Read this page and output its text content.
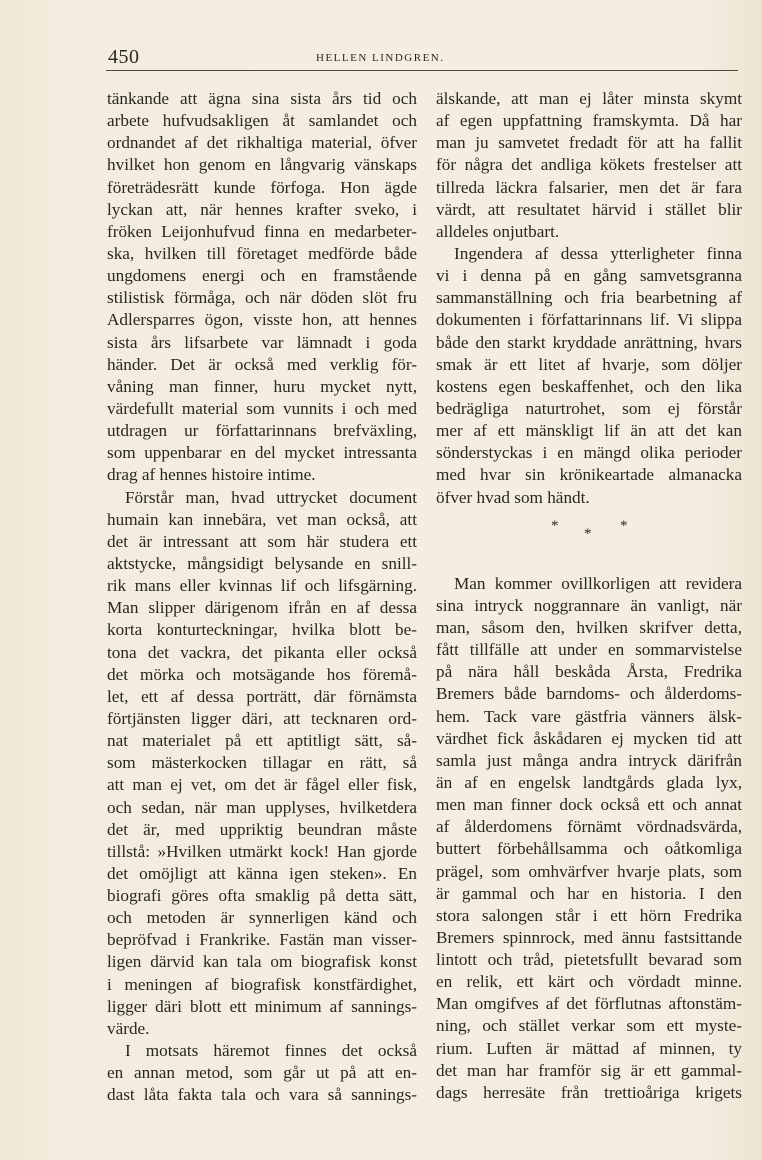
450	HELLEN LINDGREN.
tänkande att ägna sina sista års tid och
arbete hufvudsakligen åt samlandet och
ordnandet af det rikhaltiga material, öfver
hvilket hon genom en långvarig vänskaps
företrädesrätt kunde förfoga. Hon ägde
lyckan att, när hennes krafter sveko, i
fröken Leijonhufvud finna en medarbeter-
ska, hvilken till företaget medförde både
ungdomens energi och en framstående
stilistisk förmåga, och när döden slöt fru
Adlersparres ögon, visste hon, att hennes
sista års lifsarbete var lämnadt i goda
händer. Det är också med verklig för-
våning man finner, huru mycket nytt,
värdefullt material som vunnits i och med
utdragen ur författarinnans brefväxling,
som uppenbarar en del mycket intressanta
drag af hennes histoire intime.
Förstår man, hvad uttrycket document
humain kan innebära, vet man också, att
det är intressant att som här studera ett
aktstycke, mångsidigt belysande en snill-
rik mans eller kvinnas lif och lifsgärning.
Man slipper därigenom ifrån en af dessa
korta konturteckningar, hvilka blott be-
tona det vackra, det pikanta eller också
det mörka och motsägande hos föremå-
let, ett af dessa porträtt, där förnämsta
förtjänsten ligger däri, att tecknaren ord-
nat materialet på ett aptitligt sätt, så-
som mästerkocken tillagar en rätt, så
att man ej vet, om det är fågel eller fisk,
och sedan, när man upplyses, hvilketdera
det är, med uppriktig beundran måste
tillstå: »Hvilken utmärkt kock! Han gjorde
det omöjligt att känna igen steken». En
biografi göres ofta smaklig på detta sätt,
och metoden är synnerligen känd och
bepröfvad i Frankrike. Fastän man visser-
ligen därvid kan tala om biografisk konst
i meningen af biografisk konstfärdighet,
ligger däri blott ett minimum af sannings-
värde.
I motsats häremot finnes det också
en annan metod, som går ut på att en-
dast låta fakta tala och vara så sannings-
älskande, att man ej låter minsta skymt
af egen uppfattning framskymta. Då har
man ju samvetet fredadt för att ha fallit
för några det andliga kökets frestelser att
tillreda läckra falsarier, men det är fara
värdt, att resultatet härvid i stället blir
alldeles onjutbart.
Ingendera af dessa ytterligheter finna
vi i denna på en gång samvetsgranna
sammanställning och fria bearbetning af
dokumenten i författarinnans lif. Vi slippa
både den starkt kryddade anrättning, hvars
smak är ett litet af hvarje, som döljer
kostens egen beskaffenhet, och den lika
bedrägliga naturtrohet, som ej förstår
mer af ett mänskligt lif än att det kan
sönderstyckas i en mängd olika perioder
med hvar sin krönikeartade almanacka
öfver hvad som händt.
* * *
Man kommer ovillkorligen att revidera
sina intryck noggrannare än vanligt, när
man, såsom den, hvilken skrifver detta,
fått tillfälle att under en sommarvistelse
på nära håll beskåda Årsta, Fredrika
Bremers både barndoms- och ålderdoms-
hem. Tack vare gästfria vänners älsk-
värdhet fick åskådaren ej mycken tid att
samla just många andra intryck därifrån
än af en engelsk landtgårds glada lyx,
men man finner dock också ett och annat
af ålderdomens förnämt vördnadsvärda,
buttert förbehållsamma och oåtkomliga
prägel, som omhvärfver hvarje plats, som
är gammal och har en historia. I den
stora salongen står i ett hörn Fredrika
Bremers spinnrock, med ännu fastsittande
lintott och tråd, pietetsfullt bevarad som
en relik, ett kärt och vördadt minne.
Man omgifves af det förflutnas aftonstäm-
ning, och stället verkar som ett myste-
rium. Luften är mättad af minnen, ty
det man har framför sig är ett gammal-
dags herresäte från trettioåriga krigets
